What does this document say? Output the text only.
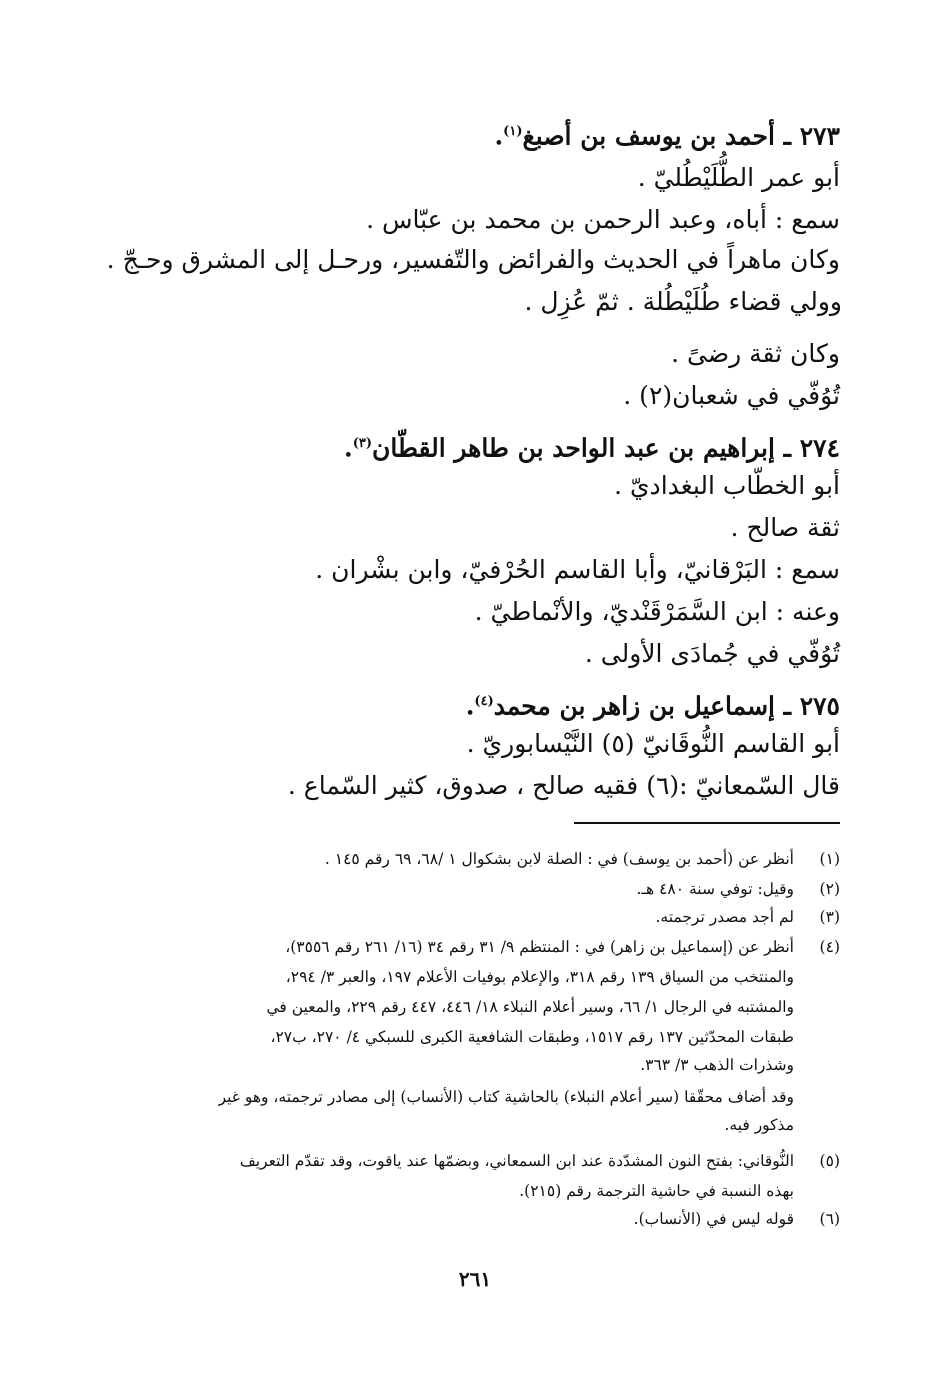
٢٧٣ ـ أحمد بن يوسف بن أصبغ$^{(١)}$.
أبو عمر الطُّلَيْطُليّ .
سمع : أباه، وعبد الرحمن بن محمد بن عبّاس .
وكان ماهراً في الحديث والفرائض والتّفسير، ورحـل إلى المشرق وحـجّ .
وولي قضاء طُلَيْطُلة . ثمّ عُزِل .
وكان ثقة رضىً .
تُوُفّي في شعبان(٢) .
٢٧٤ ـ إبراهيم بن عبد الواحد بن طاهر القطّان$^{(٣)}$.
أبو الخطّاب البغداديّ .
ثقة صالح .
سمع : البَرْقانيّ، وأبا القاسم الحُرْفيّ، وابن بشْران .
وعنه : ابن السَّمَرْقَنْديّ، والأنْماطيّ .
تُوُفّي في جُمادَى الأولى .
٢٧٥ ـ إسماعيل بن زاهر بن محمد$^{(٤)}$.
أبو القاسم النُّوقَانيّ (٥) النَّيْسابوريّ .
قال السّمعانيّ :(٦) فقيه صالح ، صدوق، كثير السّماع .
(١)أنظر عن (أحمد بن يوسف) في : الصلة لابن بشكوال ١ /٦٨، ٦٩ رقم ١٤٥ .
(٢)وقيل: توفي سنة ٤٨٠ هـ.
(٣)لم أجد مصدر ترجمته.
(٤)أنظر عن (إسماعيل بن زاهر) في : المنتظم ٩/ ٣١ رقم ٣٤ (١٦/ ٢٦١ رقم ٣٥٥٦)،
والمنتخب من السياق ١٣٩ رقم ٣١٨، والإعلام بوفيات الأعلام ١٩٧، والعبر ٣/ ٢٩٤،
والمشتبه في الرجال ١/ ٦٦، وسير أعلام النبلاء ١٨/ ٤٤٦، ٤٤٧ رقم ٢٢٩، والمعين في
طبقات المحدّثين ١٣٧ رقم ١٥١٧، وطبقات الشافعية الكبرى للسبكي ٤/ ٢٧٠، ب٢٧،
وشذرات الذهب ٣/ ٣٦٣.
وقد أضاف محقّقا (سير أعلام النبلاء) بالحاشية كتاب (الأنساب) إلى مصادر ترجمته، وهو غير
مذكور فيه.
(٥)النُّوقاني: بفتح النون المشدّدة عند ابن السمعاني، وبضمّها عند ياقوت، وقد تقدّم التعريف
بهذه النسبة في حاشية الترجمة رقم (٢١٥).
(٦)قوله ليس في (الأنساب).
٢٦١
